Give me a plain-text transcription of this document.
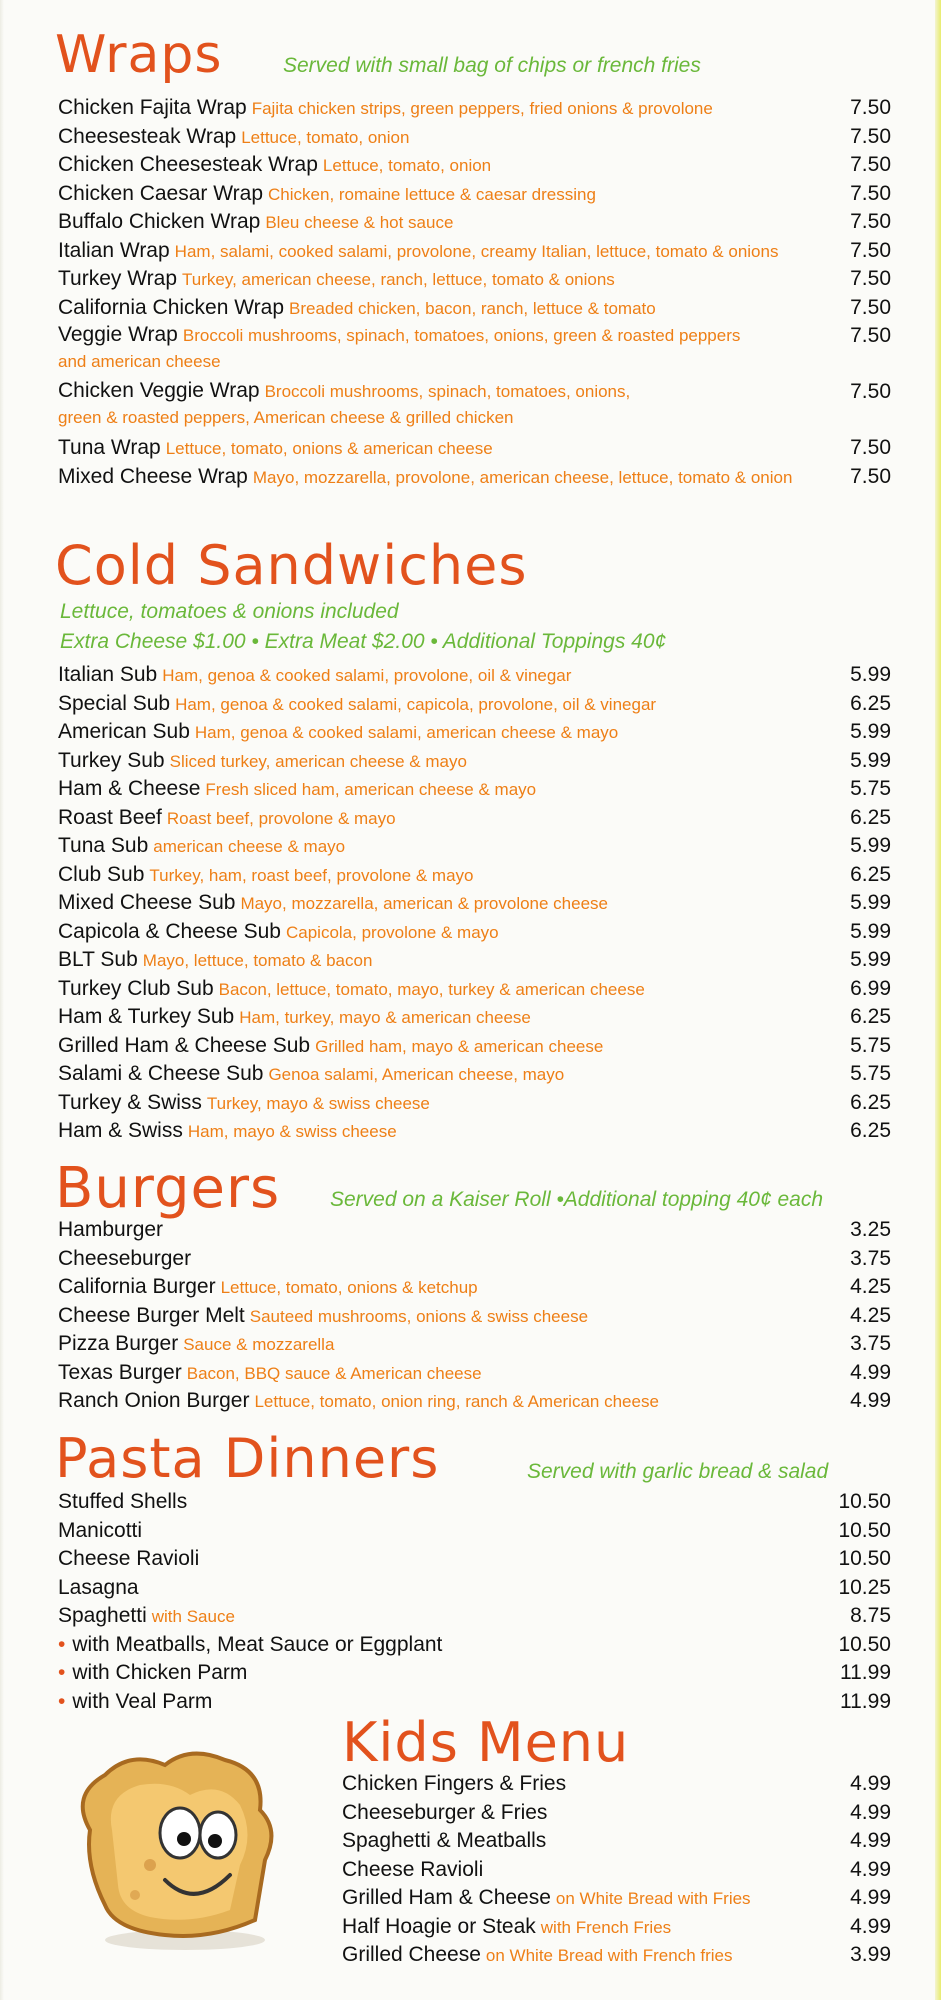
Wraps	Served with small bag of chips or french fries
Chicken Fajita Wrap Fajita chicken strips, green peppers, fried onions & provolone	7.50
Cheesesteak Wrap Lettuce, tomato, onion	7.50
Chicken Cheesesteak Wrap Lettuce, tomato, onion	7.50
Chicken Caesar Wrap Chicken, romaine lettuce & caesar dressing	7.50
Buffalo Chicken Wrap Bleu cheese & hot sauce	7.50
Italian Wrap Ham, salami, cooked salami, provolone, creamy Italian, lettuce, tomato & onions	7.50
Turkey Wrap Turkey, american cheese, ranch, lettuce, tomato & onions	7.50
California Chicken Wrap Breaded chicken, bacon, ranch, lettuce & tomato	7.50
Veggie Wrap Broccoli mushrooms, spinach, tomatoes, onions, green & roasted peppers
and american cheese
7.50
Chicken Veggie Wrap Broccoli mushrooms, spinach, tomatoes, onions,
green & roasted peppers, American cheese & grilled chicken
7.50
Tuna Wrap Lettuce, tomato, onions & american cheese	7.50
Mixed Cheese Wrap Mayo, mozzarella, provolone, american cheese, lettuce, tomato & onion	7.50
Cold Sandwiches
Lettuce, tomatoes & onions included
Extra Cheese $1.00 • Extra Meat $2.00 • Additional Toppings 40¢
Italian Sub Ham, genoa & cooked salami, provolone, oil & vinegar	5.99
Special Sub Ham, genoa & cooked salami, capicola, provolone, oil & vinegar	6.25
American Sub Ham, genoa & cooked salami, american cheese & mayo	5.99
Turkey Sub Sliced turkey, american cheese & mayo	5.99
Ham & Cheese Fresh sliced ham, american cheese & mayo	5.75
Roast Beef Roast beef, provolone & mayo	6.25
Tuna Sub american cheese & mayo	5.99
Club Sub Turkey, ham, roast beef, provolone & mayo	6.25
Mixed Cheese Sub Mayo, mozzarella, american & provolone cheese	5.99
Capicola & Cheese Sub Capicola, provolone & mayo	5.99
BLT Sub Mayo, lettuce, tomato & bacon	5.99
Turkey Club Sub Bacon, lettuce, tomato, mayo, turkey & american cheese	6.99
Ham & Turkey Sub Ham, turkey, mayo & american cheese	6.25
Grilled Ham & Cheese Sub Grilled ham, mayo & american cheese	5.75
Salami & Cheese Sub Genoa salami, American cheese, mayo	5.75
Turkey & Swiss Turkey, mayo & swiss cheese	6.25
Ham & Swiss Ham, mayo & swiss cheese	6.25
Burgers Served on a Kaiser Roll •Additional topping 40¢ each
Hamburger	3.25
Cheeseburger	3.75
California Burger Lettuce, tomato, onions & ketchup	4.25
Cheese Burger Melt Sauteed mushrooms, onions & swiss cheese	4.25
Pizza Burger Sauce & mozzarella	3.75
Texas Burger Bacon, BBQ sauce & American cheese	4.99
Ranch Onion Burger Lettuce, tomato, onion ring, ranch & American cheese	4.99
Pasta Dinners	Served with garlic bread & salad
Stuffed Shells	10.50
Manicotti	10.50
Cheese Ravioli	10.50
Lasagna	10.25
Spaghetti with Sauce	8.75
• with Meatballs, Meat Sauce or Eggplant	10.50
• with Chicken Parm	11.99
• with Veal Parm	11.99
Kids Menu
Chicken Fingers & Fries	4.99
Cheeseburger & Fries	4.99
Spaghetti & Meatballs	4.99
Cheese Ravioli	4.99
Grilled Ham & Cheese on White Bread with Fries	4.99
Half Hoagie or Steak with French Fries	4.99
Grilled Cheese on White Bread with French fries	3.99
